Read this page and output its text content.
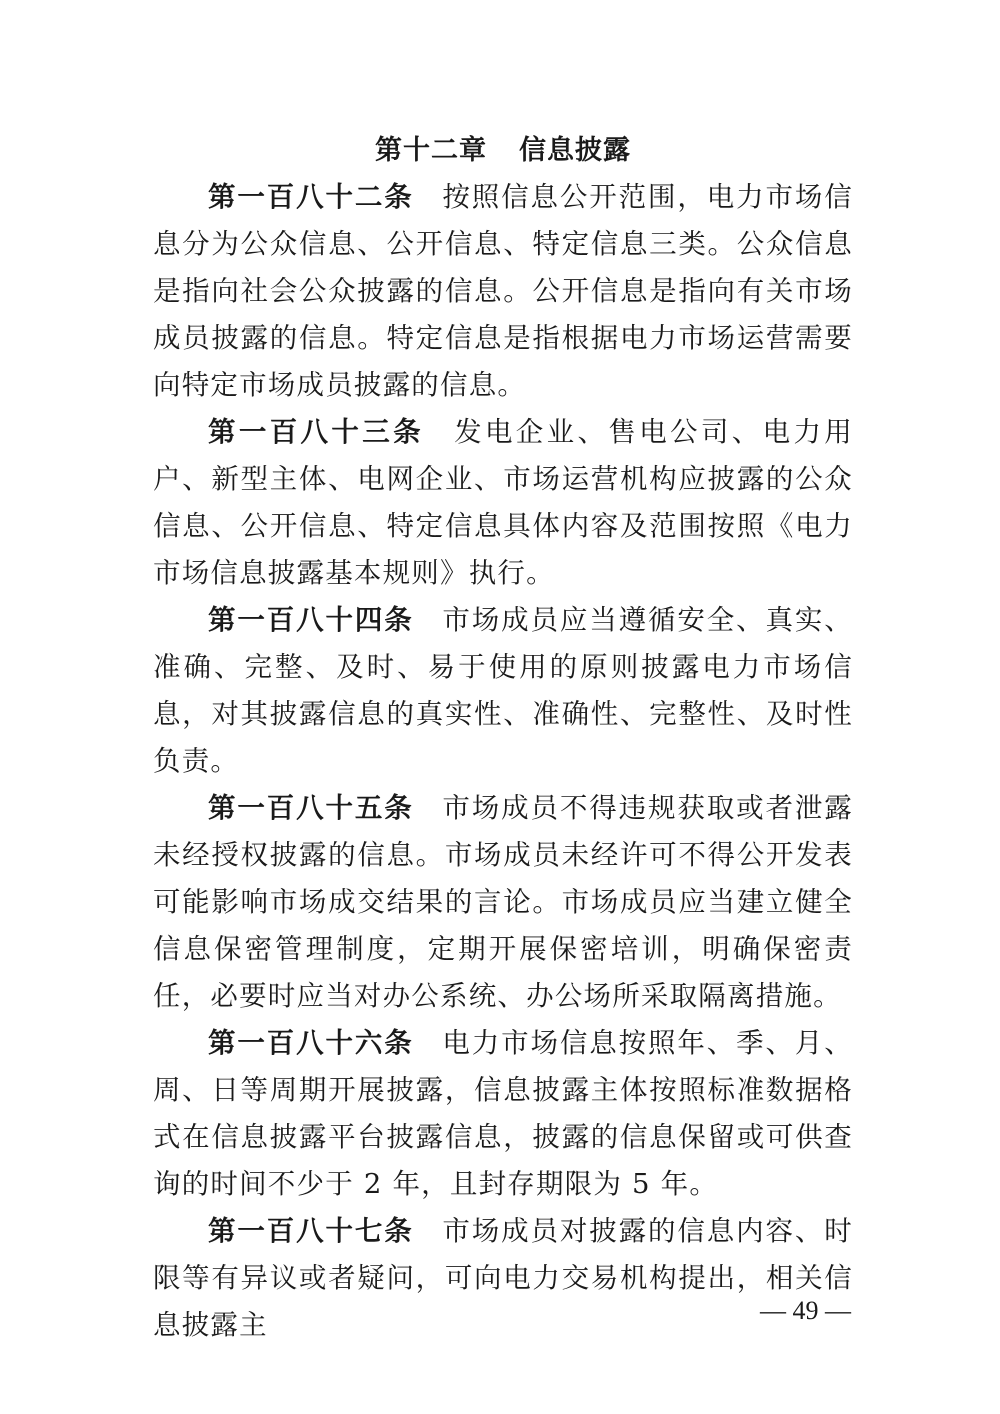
第十二章 信息披露

第一百八十二条 按照信息公开范围，电力市场信息分为公众信息、公开信息、特定信息三类。公众信息是指向社会公众披露的信息。公开信息是指向有关市场成员披露的信息。特定信息是指根据电力市场运营需要向特定市场成员披露的信息。

第一百八十三条 发电企业、售电公司、电力用户、新型主体、电网企业、市场运营机构应披露的公众信息、公开信息、特定信息具体内容及范围按照《电力市场信息披露基本规则》执行。

第一百八十四条 市场成员应当遵循安全、真实、准确、完整、及时、易于使用的原则披露电力市场信息，对其披露信息的真实性、准确性、完整性、及时性负责。

第一百八十五条 市场成员不得违规获取或者泄露未经授权披露的信息。市场成员未经许可不得公开发表可能影响市场成交结果的言论。市场成员应当建立健全信息保密管理制度，定期开展保密培训，明确保密责任，必要时应当对办公系统、办公场所采取隔离措施。

第一百八十六条 电力市场信息按照年、季、月、周、日等周期开展披露，信息披露主体按照标准数据格式在信息披露平台披露信息，披露的信息保留或可供查询的时间不少于 2 年，且封存期限为 5 年。

第一百八十七条 市场成员对披露的信息内容、时限等有异议或者疑问，可向电力交易机构提出，相关信息披露主	— 49 —
